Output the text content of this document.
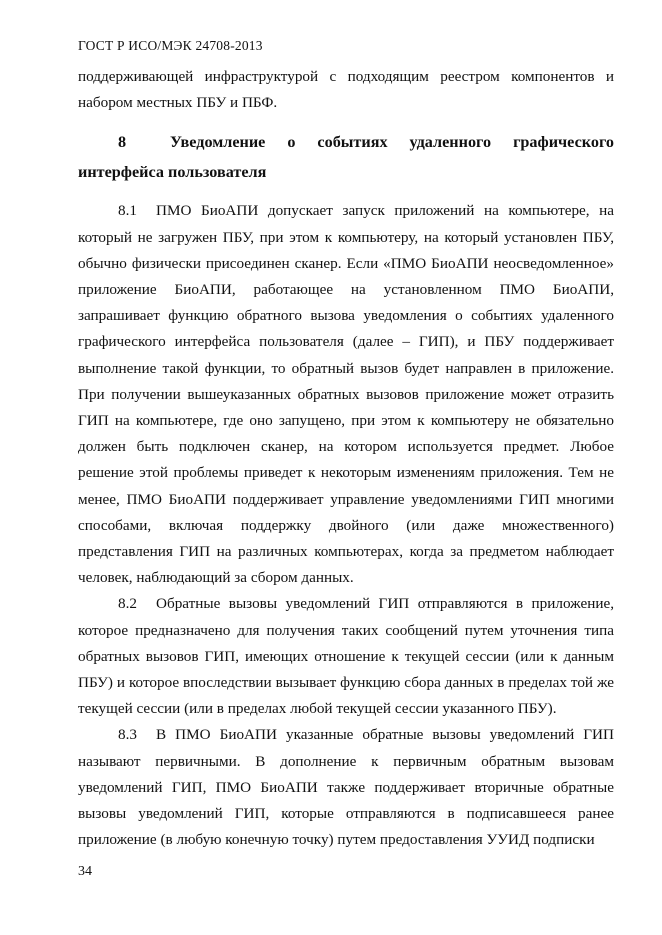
ГОСТ Р ИСО/МЭК 24708-2013

поддерживающей инфраструктурой с подходящим реестром компонентов и набором местных ПБУ и ПБФ.

8	Уведомление о событиях удаленного графического интерфейса пользователя

8.1 ПМО БиоАПИ допускает запуск приложений на компьютере, на который не загружен ПБУ, при этом к компьютеру, на который установлен ПБУ, обычно физически присоединен сканер. Если «ПМО БиоАПИ неосведомленное» приложение БиоАПИ, работающее на установленном ПМО БиоАПИ, запрашивает функцию обратного вызова уведомления о событиях удаленного графического интерфейса пользователя (далее – ГИП), и ПБУ поддерживает выполнение такой функции, то обратный вызов будет направлен в приложение. При получении вышеуказанных обратных вызовов приложение может отразить ГИП на компьютере, где оно запущено, при этом к компьютеру не обязательно должен быть подключен сканер, на котором используется предмет. Любое решение этой проблемы приведет к некоторым изменениям приложения. Тем не менее, ПМО БиоАПИ поддерживает управление уведомлениями ГИП многими способами, включая поддержку двойного (или даже множественного) представления ГИП на различных компьютерах, когда за предметом наблюдает человек, наблюдающий за сбором данных.

8.2 Обратные вызовы уведомлений ГИП отправляются в приложение, которое предназначено для получения таких сообщений путем уточнения типа обратных вызовов ГИП, имеющих отношение к текущей сессии (или к данным ПБУ) и которое впоследствии вызывает функцию сбора данных в пределах той же текущей сессии (или в пределах любой текущей сессии указанного ПБУ).

8.3 В ПМО БиоАПИ указанные обратные вызовы уведомлений ГИП называют первичными. В дополнение к первичным обратным вызовам уведомлений ГИП, ПМО БиоАПИ также поддерживает вторичные обратные вызовы уведомлений ГИП, которые отправляются в подписавшееся ранее приложение (в любую конечную точку) путем предоставления УУИД подписки

34
